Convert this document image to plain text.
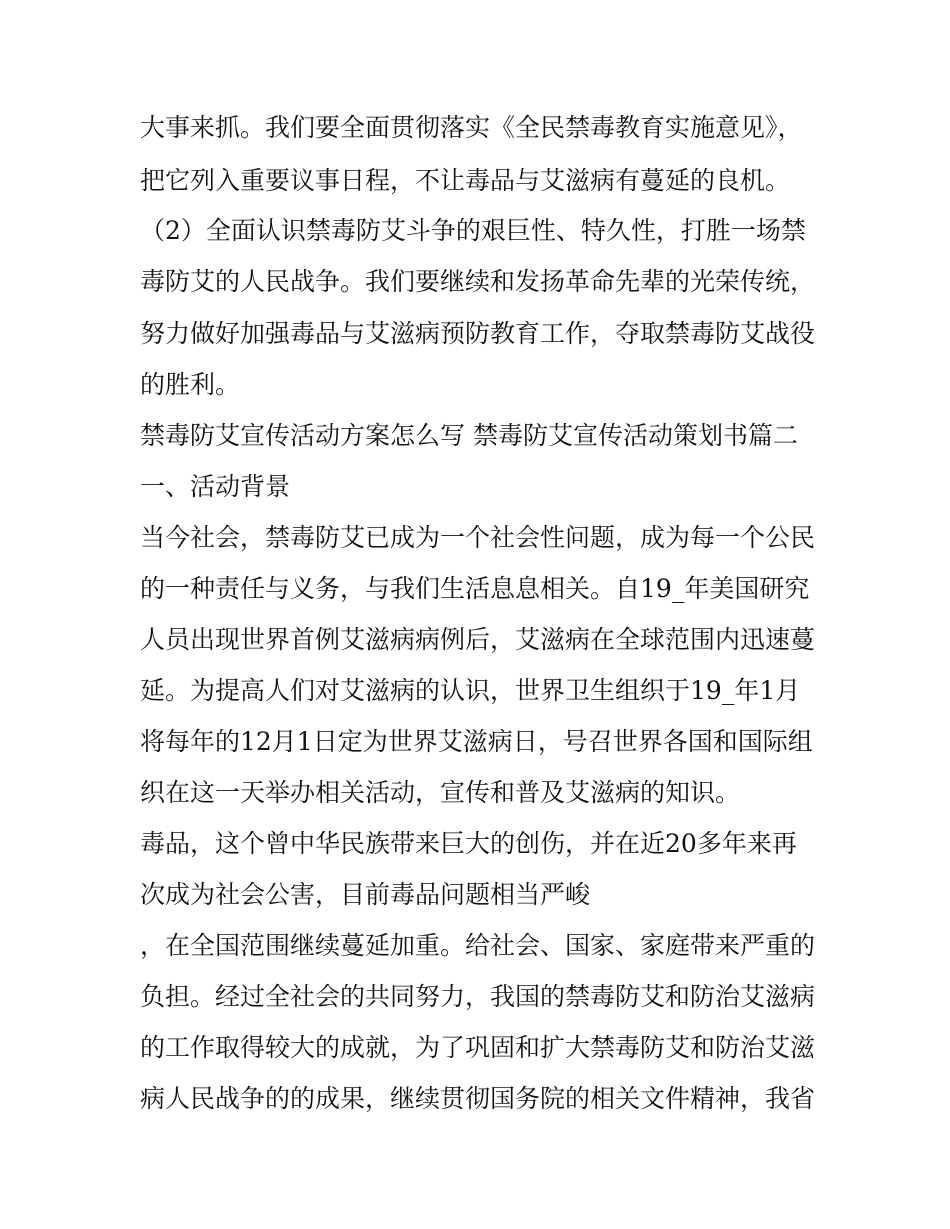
大事来抓。我们要全面贯彻落实《全民禁毒教育实施意见》，
把它列入重要议事日程，不让毒品与艾滋病有蔓延的良机。
（2）全面认识禁毒防艾斗争的艰巨性、特久性，打胜一场禁
毒防艾的人民战争。我们要继续和发扬革命先辈的光荣传统，
努力做好加强毒品与艾滋病预防教育工作，夺取禁毒防艾战役
的胜利。
禁毒防艾宣传活动方案怎么写 禁毒防艾宣传活动策划书篇二
一、活动背景
当今社会，禁毒防艾已成为一个社会性问题，成为每一个公民
的一种责任与义务，与我们生活息息相关。自19_年美国研究
人员出现世界首例艾滋病病例后，艾滋病在全球范围内迅速蔓
延。为提高人们对艾滋病的认识，世界卫生组织于19_年1月
将每年的12月1日定为世界艾滋病日，号召世界各国和国际组
织在这一天举办相关活动，宣传和普及艾滋病的知识。
毒品，这个曾中华民族带来巨大的创伤，并在近20多年来再
次成为社会公害，目前毒品问题相当严峻
，在全国范围继续蔓延加重。给社会、国家、家庭带来严重的
负担。经过全社会的共同努力，我国的禁毒防艾和防治艾滋病
的工作取得较大的成就，为了巩固和扩大禁毒防艾和防治艾滋
病人民战争的的成果，继续贯彻国务院的相关文件精神，我省
